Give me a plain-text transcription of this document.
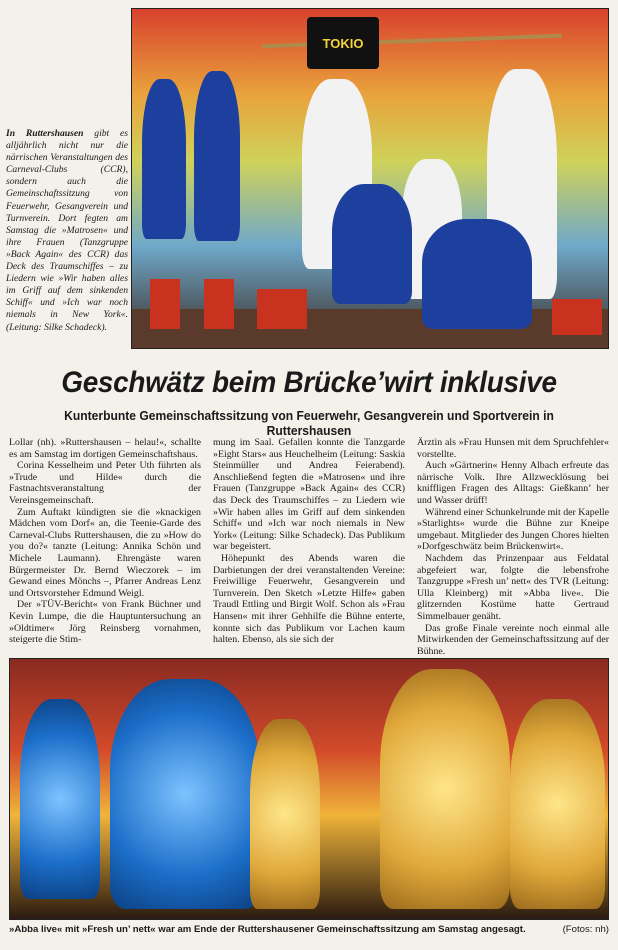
In Ruttershausen gibt es alljährlich nicht nur die närrischen Veranstaltungen des Carneval-Clubs (CCR), sondern auch die Gemeinschaftssitzung von Feuerwehr, Gesangverein und Turnverein. Dort fegten am Samstag die »Matrosen« und ihre Frauen (Tanzgruppe »Back Again« des CCR) das Deck des Traumschiffes – zu Liedern wie »Wir haben alles im Griff auf dem sinkenden Schiff« und »Ich war noch niemals in New York«. (Leitung: Silke Schadeck).
TOKIO
Geschwätz beim Brücke’wirt inklusive
Kunterbunte Gemeinschaftssitzung von Feuerwehr, Gesangverein und Sportverein in Ruttershausen

Lollar (nh). »Ruttershausen – helau!«, schallte es am Samstag im dortigen Gemeinschaftshaus.

Corina Kesselheim und Peter Uth führten als »Trude und Hilde« durch die Fastnachtsveranstaltung der Vereinsgemeinschaft.

Zum Auftakt kündigten sie die »knackigen Mädchen vom Dorf« an, die Teenie-Garde des Carneval-Clubs Ruttershausen, die zu »How do you do?« tanzte (Leitung: Annika Schön und Michele Laumann). Ehrengäste waren Bürgermeister Dr. Bernd Wieczorek – im Gewand eines Mönchs –, Pfarrer Andreas Lenz und Ortsvorsteher Edmund Weigl.

Der »TÜV-Bericht« von Frank Büchner und Kevin Lumpe, die die Hauptuntersuchung an »Oldtimer« Jörg Reinsberg vornahmen, steigerte die Stim-

mung im Saal. Gefallen konnte die Tanzgarde »Eight Stars« aus Heuchelheim (Leitung: Saskia Steinmüller und Andrea Feierabend). Anschließend fegten die »Matrosen« und ihre Frauen (Tanzgruppe »Back Again« des CCR) das Deck des Traumschiffes – zu Liedern wie »Wir haben alles im Griff auf dem sinkenden Schiff« und »Ich war noch niemals in New York« (Leitung: Silke Schadeck). Das Publikum war begeistert.

Höhepunkt des Abends waren die Darbietungen der drei veranstaltenden Vereine: Freiwillige Feuerwehr, Gesangverein und Turnverein. Den Sketch »Letzte Hilfe« gaben Traudl Ettling und Birgit Wolf. Schon als »Frau Hansen« mit ihrer Gehhilfe die Bühne enterte, konnte sich das Publikum vor Lachen kaum halten. Ebenso, als sie sich der

Ärztin als »Frau Hunsen mit dem Spruchfehler« vorstellte.

Auch »Gärtnerin« Henny Albach erfreute das närrische Volk. Ihre Allzwecklösung bei kniffligen Fragen des Alltags: Gießkann’ her und Wasser drüff!

Während einer Schunkelrunde mit der Kapelle »Starlights« wurde die Bühne zur Kneipe umgebaut. Mitglieder des Jungen Chores hielten »Dorfgeschwätz beim Brückenwirt«.

Nachdem das Prinzenpaar aus Feldatal abgefeiert war, folgte die lebensfrohe Tanzgruppe »Fresh un’ nett« des TVR (Leitung: Ulla Kleinberg) mit »Abba live«. Die glitzernden Kostüme hatte Gertraud Simmelbauer genäht.

Das große Finale vereinte noch einmal alle Mitwirkenden der Gemeinschaftssitzung auf der Bühne.

»Abba live« mit »Fresh un’ nett« war am Ende der Ruttershausener Gemeinschaftssitzung am Samstag angesagt.	(Fotos: nh)
